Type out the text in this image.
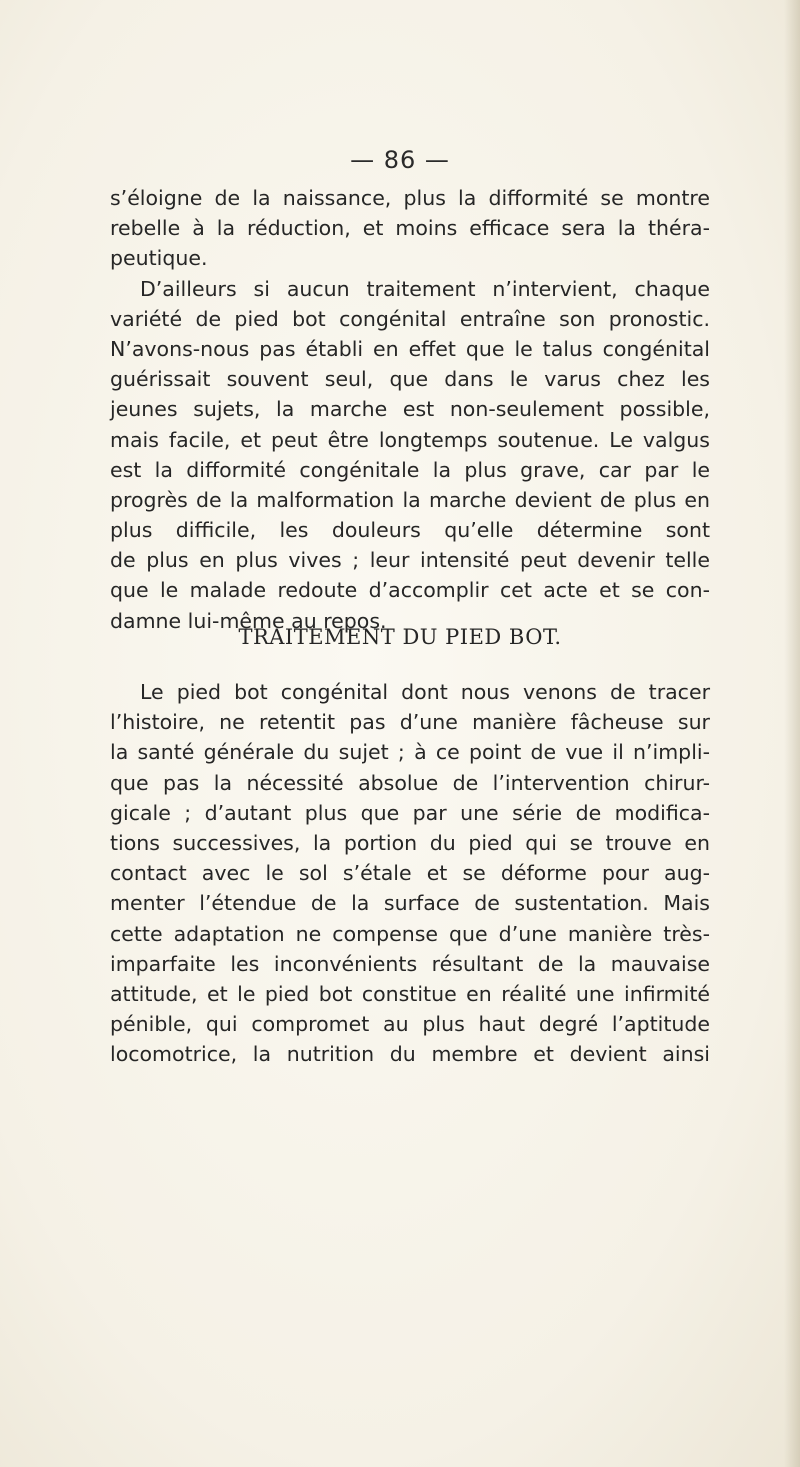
— 86 —
s’éloigne de la naissance, plus la difformité se montre
rebelle à la réduction, et moins efficace sera la théra-
peutique.
D’ailleurs si aucun traitement n’intervient, chaque
variété de pied bot congénital entraîne son pronostic.
N’avons-nous pas établi en effet que le talus congénital
guérissait souvent seul, que dans le varus chez les
jeunes sujets, la marche est non-seulement possible,
mais facile, et peut être longtemps soutenue. Le valgus
est la difformité congénitale la plus grave, car par le
progrès de la malformation la marche devient de plus en
plus difficile, les douleurs qu’elle détermine sont
de plus en plus vives ; leur intensité peut devenir telle
que le malade redoute d’accomplir cet acte et se con-
damne lui-même au repos.
TRAITEMENT DU PIED BOT.
Le pied bot congénital dont nous venons de tracer
l’histoire, ne retentit pas d’une manière fâcheuse sur
la santé générale du sujet ; à ce point de vue il n’impli-
que pas la nécessité absolue de l’intervention chirur-
gicale ; d’autant plus que par une série de modifica-
tions successives, la portion du pied qui se trouve en
contact avec le sol s’étale et se déforme pour aug-
menter l’étendue de la surface de sustentation. Mais
cette adaptation ne compense que d’une manière très-
imparfaite les inconvénients résultant de la mauvaise
attitude, et le pied bot constitue en réalité une infirmité
pénible, qui compromet au plus haut degré l’aptitude
locomotrice, la nutrition du membre et devient ainsi
